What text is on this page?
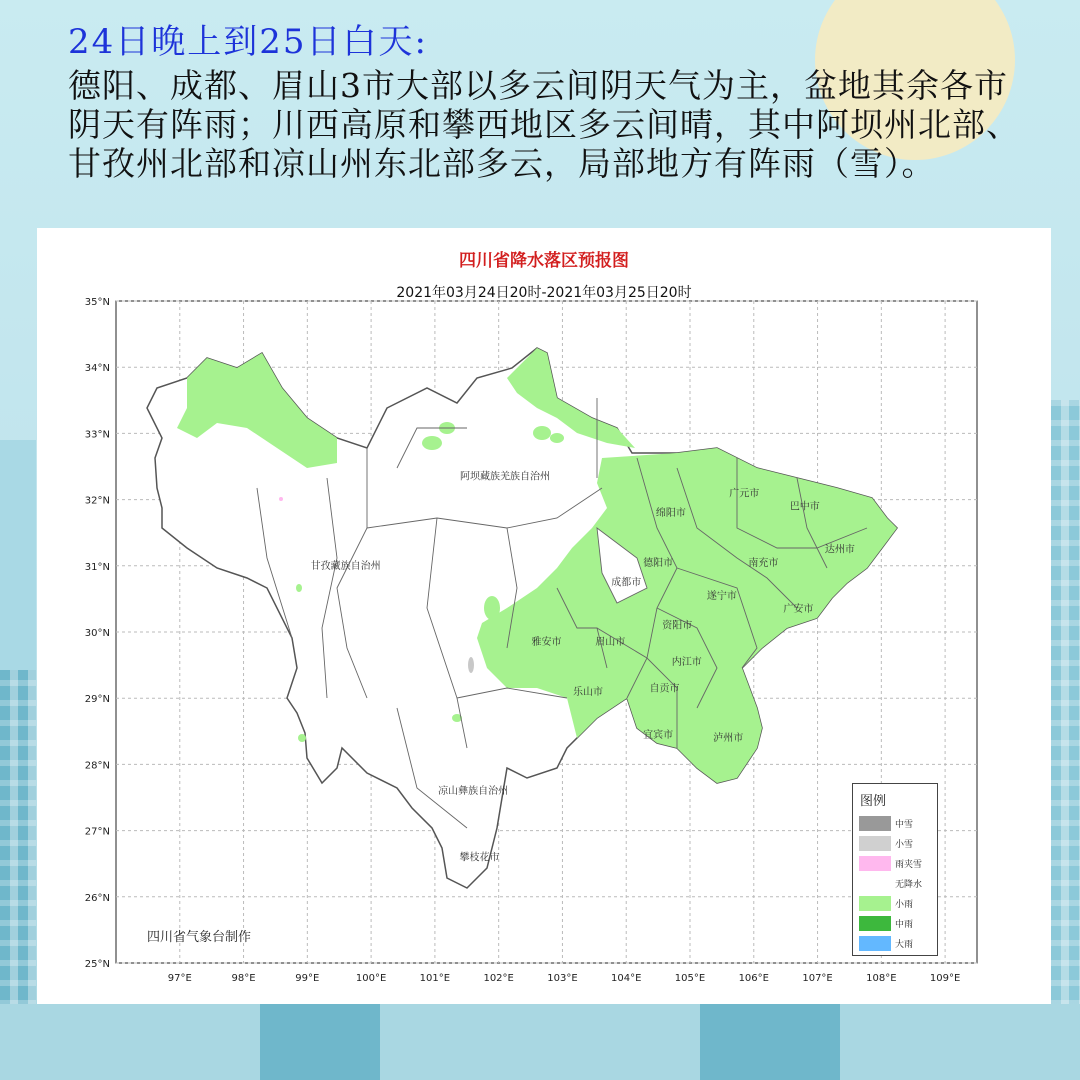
24日晚上到25日白天:
德阳、成都、眉山3市大部以多云间阴天气为主，盆地其余各市阴天有阵雨；川西高原和攀西地区多云间晴，其中阿坝州北部、甘孜州北部和凉山州东北部多云，局部地方有阵雨（雪）。
35°N
34°N
33°N
32°N
31°N
30°N
29°N
28°N
27°N
26°N
25°N
97°E	98°E	99°E	100°E	101°E	102°E	103°E	104°E	105°E	106°E	107°E	108°E	109°E
阿坝藏族羌族自治州
甘孜藏族自治州
凉山彝族自治州
攀枝花市
广元市
巴中市
绵阳市
达州市
德阳市	南充市
成都市
遂宁市
广安市
资阳市
雅安市	眉山市
内江市
乐山市	自贡市
宜宾市	泸州市
四川省降水落区预报图
2021年03月24日20时-2021年03月25日20时
四川省气象台制作
图例
中雪
小雪
雨夹雪
无降水
小雨
中雨
大雨
